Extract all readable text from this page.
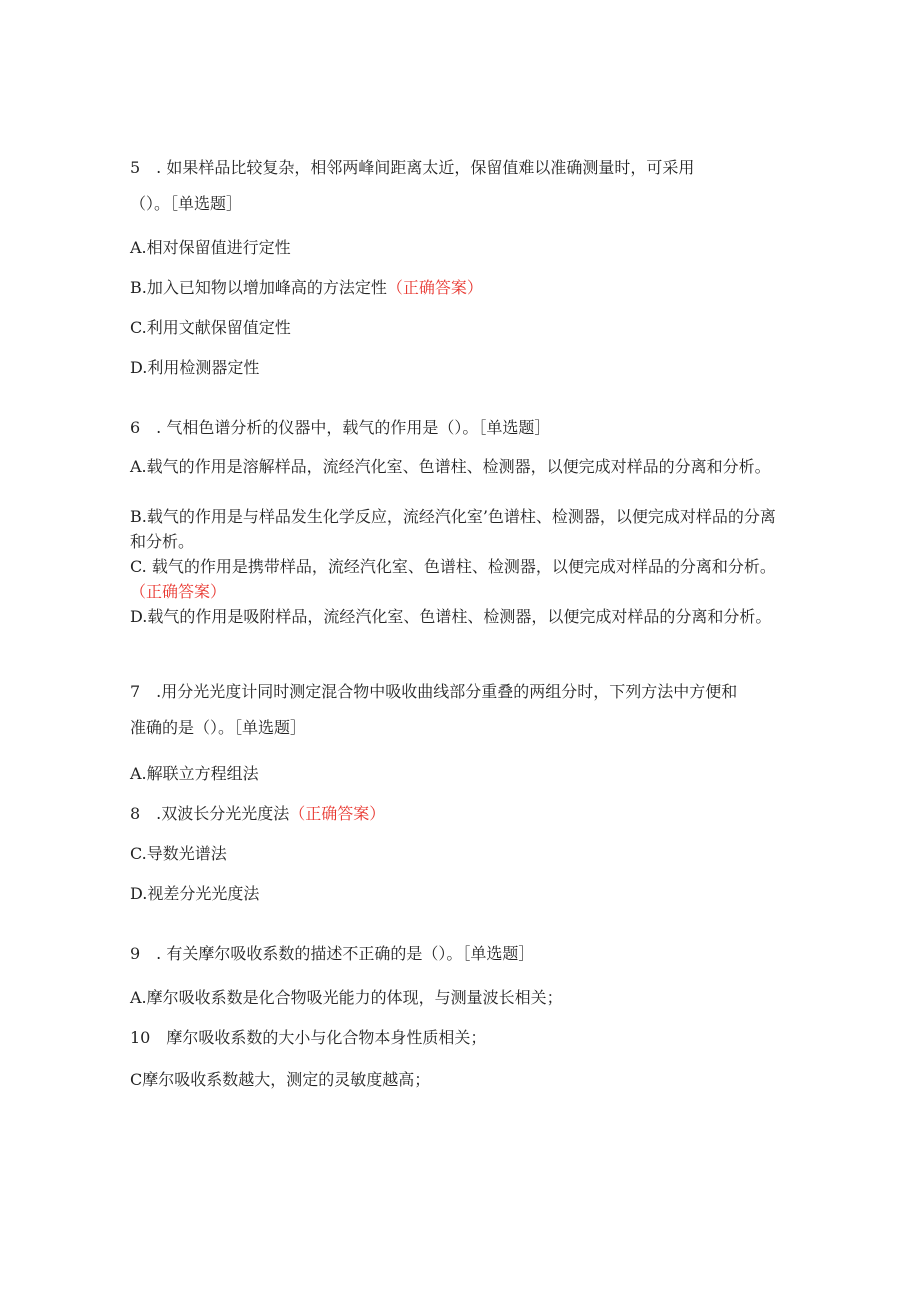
5　. 如果样品比较复杂，相邻两峰间距离太近，保留值难以准确测量时，可采用
（）。［单选题］
A.相对保留值进行定性
B.加入已知物以增加峰高的方法定性（正确答案）
C.利用文献保留值定性
D.利用检测器定性
6　. 气相色谱分析的仪器中，载气的作用是（）。［单选题］
A.载气的作用是溶解样品，流经汽化室、色谱柱、检测器，以便完成对样品的分离和分析。
B.载气的作用是与样品发生化学反应，流经汽化室’色谱柱、检测器，以便完成对样品的分离和分析。
C. 载气的作用是携带样品，流经汽化室、色谱柱、检测器，以便完成对样品的分离和分析。（正确答案）
D.载气的作用是吸附样品，流经汽化室、色谱柱、检测器，以便完成对样品的分离和分析。
7　.用分光光度计同时测定混合物中吸收曲线部分重叠的两组分时，下列方法中方便和
准确的是（）。［单选题］
A.解联立方程组法
8　.双波长分光光度法（正确答案）
C.导数光谱法
D.视差分光光度法
9　. 有关摩尔吸收系数的描述不正确的是（）。［单选题］
A.摩尔吸收系数是化合物吸光能力的体现，与测量波长相关；
10　摩尔吸收系数的大小与化合物本身性质相关；
C摩尔吸收系数越大，测定的灵敏度越高；
